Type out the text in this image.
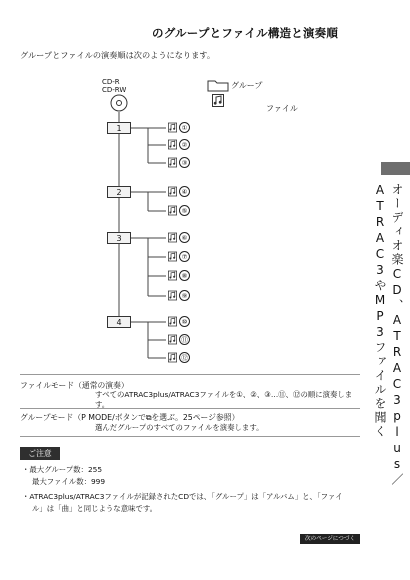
のグループとファイル構造と演奏順
グループとファイルの演奏順は次のようになります。
CD-R
CD-RW	グループ
ファイル
1
2
3
4
①
②
③
④
⑤
⑥
⑦
⑧
⑨
⑩
⑪
⑫
ファイルモード（通常の演奏）
すべてのATRAC3plus/ATRAC3ファイルを①、②、③…⑪、⑫の順に演奏します。
グループモード（P MODE/ボタンで⧉を選ぶ。25ページ参照）
選んだグループのすべてのファイルを演奏します。
ご注意
・最大グループ数：255
最大ファイル数：999
・ATRAC3plus/ATRAC3ファイルが記録されたCDでは、「グループ」は「アルバム」と、「ファイ
ル」は「曲」と同じような意味です。
オーディオ楽CD、ATRAC3plus／ATRAC3やMP3ファイルを聞く
次のページにつづく
